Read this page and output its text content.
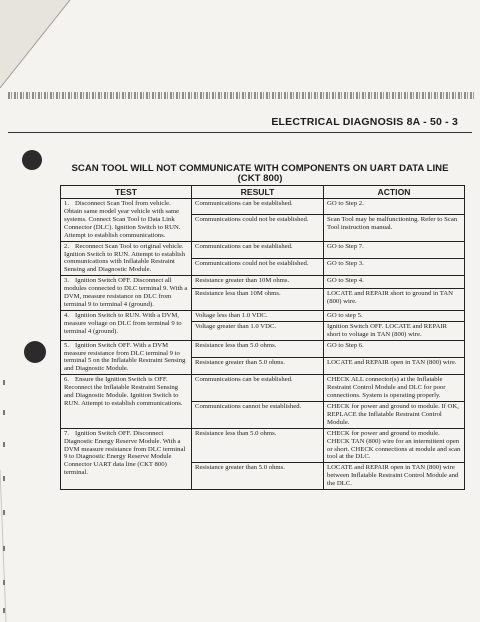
ELECTRICAL DIAGNOSIS 8A - 50 - 3
SCAN TOOL WILL NOT COMMUNICATE WITH COMPONENTS ON UART DATA LINE
(CKT 800)
TEST	RESULT	ACTION
1. Disconnect Scan Tool from vehicle. Obtain same model year vehicle with same systems. Connect Scan Tool to Data Link Connector (DLC). Ignition Switch to RUN. Attempt to establish communications.	Communications can be established.	GO to Step 2.
	Communications could not be established.	Scan Tool may be malfunctioning. Refer to Scan Tool instruction manual.
2. Reconnect Scan Tool to original vehicle. Ignition Switch to RUN. Attempt to establish communications with Inflatable Restraint Sensing and Diagnostic Module.	Communications can be established.	GO to Step 7.
	Communications could not be established.	GO to Step 3.
3. Ignition Switch OFF. Disconnect all modules connected to DLC terminal 9. With a DVM, measure resistance on DLC from terminal 9 to terminal 4 (ground).	Resistance greater than 10M ohms.	GO to Step 4.
	Resistance less than 10M ohms.	LOCATE and REPAIR short to ground in TAN (800) wire.
4. Ignition Switch to RUN. With a DVM, measure voltage on DLC from terminal 9 to terminal 4 (ground).	Voltage less than 1.0 VDC.	GO to step 5.
	Voltage greater than 1.0 VDC.	Ignition Switch OFF. LOCATE and REPAIR short to voltage in TAN (800) wire.
5. Ignition Switch OFF. With a DVM measure resistance from DLC terminal 9 to terminal 5 on the Inflatable Restraint Sensing and Diagnostic Module.	Resistance less than 5.0 ohms.	GO to Step 6.
	Resistance greater than 5.0 ohms.	LOCATE and REPAIR open in TAN (800) wire.
6. Ensure the Ignition Switch is OFF. Reconnect the Inflatable Restraint Sensing and Diagnostic Module. Ignition Switch to RUN. Attempt to establish communications.	Communications can be established.	CHECK ALL connector(s) at the Inflatable Restraint Control Module and DLC for poor connections. System is operating properly.
	Communications cannot be established.	CHECK for power and ground to module. If OK, REPLACE the Inflatable Restraint Control Module.
7. Ignition Switch OFF. Disconnect Diagnostic Energy Reserve Module. With a DVM measure resistance from DLC terminal 9 to Diagnostic Energy Reserve Module Connector UART data line (CKT 800) terminal.	Resistance less than 5.0 ohms.	CHECK for power and ground to module. CHECK TAN (800) wire for an intermittent open or short. CHECK connections at module and scan tool at the DLC.
	Resistance greater than 5.0 ohms.	LOCATE and REPAIR open in TAN (800) wire between Inflatable Restraint Control Module and the DLC.
